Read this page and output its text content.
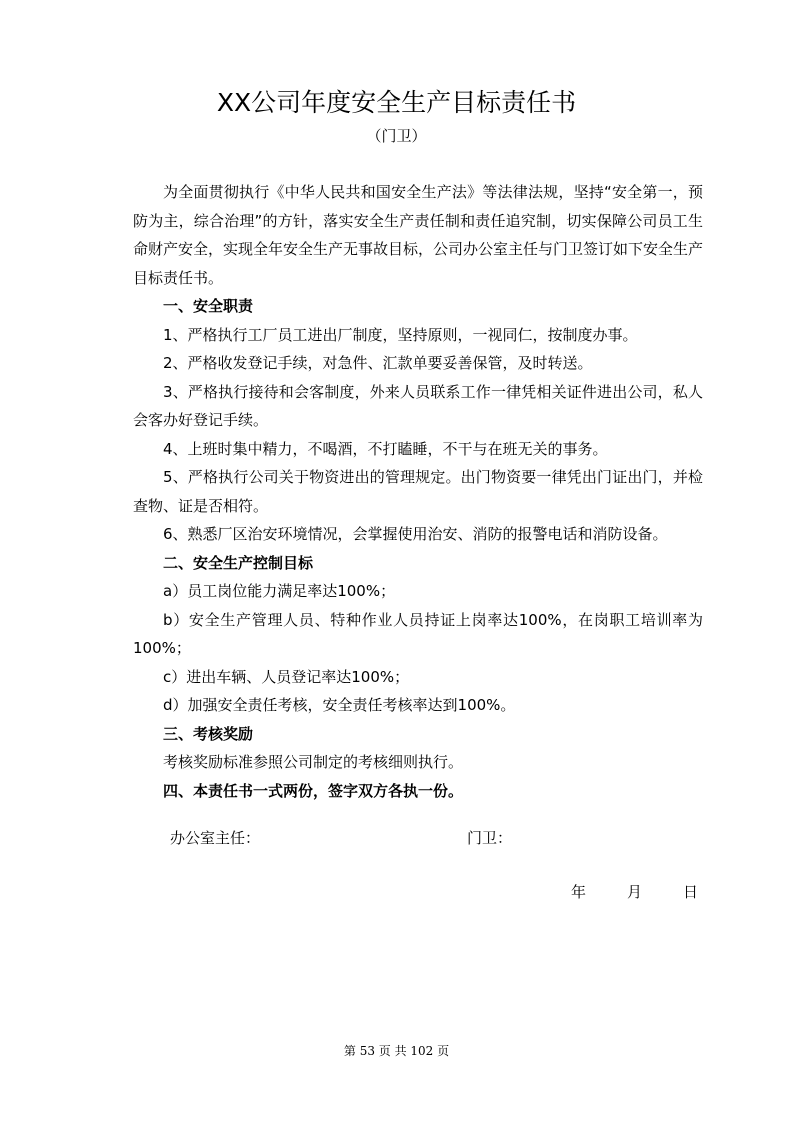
XX公司年度安全生产目标责任书
（门卫）

为全面贯彻执行《中华人民共和国安全生产法》等法律法规，坚持“安全第一，预防为主，综合治理”的方针，落实安全生产责任制和责任追究制，切实保障公司员工生命财产安全，实现全年安全生产无事故目标，公司办公室主任与门卫签订如下安全生产目标责任书。

一、安全职责

1、严格执行工厂员工进出厂制度，坚持原则，一视同仁，按制度办事。

2、严格收发登记手续，对急件、汇款单要妥善保管，及时转送。

3、严格执行接待和会客制度，外来人员联系工作一律凭相关证件进出公司，私人会客办好登记手续。

4、上班时集中精力，不喝酒，不打瞌睡，不干与在班无关的事务。

5、严格执行公司关于物资进出的管理规定。出门物资要一律凭出门证出门，并检查物、证是否相符。

6、熟悉厂区治安环境情况，会掌握使用治安、消防的报警电话和消防设备。

二、安全生产控制目标

a）员工岗位能力满足率达100%；

b）安全生产管理人员、特种作业人员持证上岗率达100%，在岗职工培训率为100%；

c）进出车辆、人员登记率达100%；

d）加强安全责任考核，安全责任考核率达到100%。

三、考核奖励

考核奖励标准参照公司制定的考核细则执行。

四、本责任书一式两份，签字双方各执一份。

办公室主任：	门卫：
年	月	日
第 53 页 共 102 页
